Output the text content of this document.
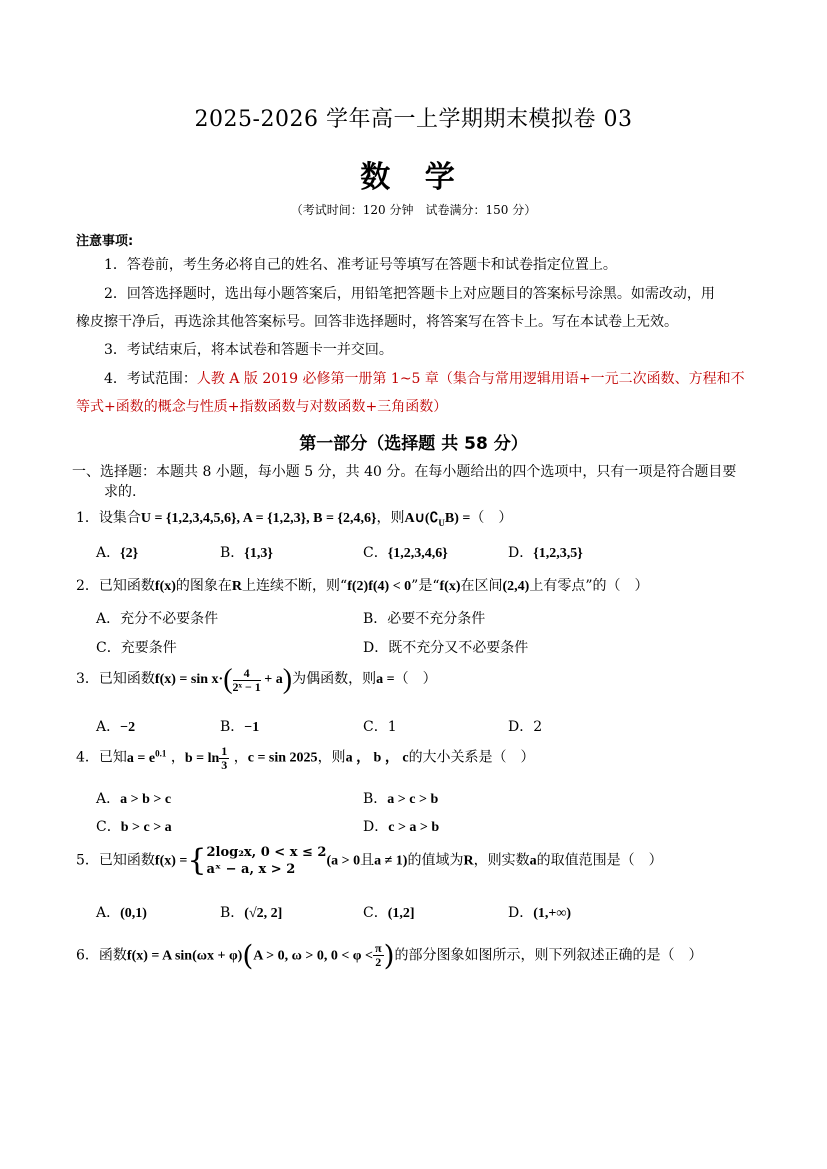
2025-2026 学年高一上学期期末模拟卷 03
数 学
（考试时间：120 分钟　试卷满分：150 分）
注意事项:
1．答卷前，考生务必将自己的姓名、准考证号等填写在答题卡和试卷指定位置上。
2．回答选择题时，选出每小题答案后，用铅笔把答题卡上对应题目的答案标号涂黑。如需改动，用
橡皮擦干净后，再选涂其他答案标号。回答非选择题时，将答案写在答卡上。写在本试卷上无效。
3．考试结束后，将本试卷和答题卡一并交回。
4．考试范围：人教 A 版 2019 必修第一册第 1~5 章（集合与常用逻辑用语+一元二次函数、方程和不
等式+函数的概念与性质+指数函数与对数函数+三角函数）
第一部分（选择题 共 58 分）
一、选择题：本题共 8 小题，每小题 5 分，共 40 分。在每小题给出的四个选项中，只有一项是符合题目要
求的.
1．设集合U = {1,2,3,4,5,6}, A = {1,2,3}, B = {2,4,6}，则$A\cup(∁_UB)$ =（　）
A．{2}	B．{1,3}	C．{1,2,3,4,6}	D．{1,2,3,5}
2．已知函数f(x)的图象在R上连续不断，则“f(2)f(4) < 0”是“f(x)在区间(2,4)上有零点”的（　）
A．充分不必要条件	B．必要不充分条件
C．充要条件	D．既不充分又不必要条件
3．已知函数$f(x) = \sin x\cdot( \frac{4}{\text{2ˣ − 1}} + a)$为偶函数，则a =（　）
A．−2	B．−1	C．1	D．2
4．已知$a = e^{0.1}$ ，$b = \ln \frac{1}{3}$ ，c = sin 2025，则a ， b ， c的大小关系是（　）
A．a > b > c	B．a > c > b
C．b > c > a	D．c > a > b
5．已知函数f(x) ={ 2log₂x, 0 < x ≤ 2
aˣ − a, x > 2
(a > 0且a ≠ 1)的值域为R，则实数a的取值范围是（　）
A．(0,1)	B．(√2, 2]	C．(1,2]	D．(1,+∞)
6．函数f(x) = A sin(ωx + φ)(A > 0, ω > 0, $0 < \varphi < \frac{\pi}{2}$ )的部分图象如图所示，则下列叙述正确的是（　）
